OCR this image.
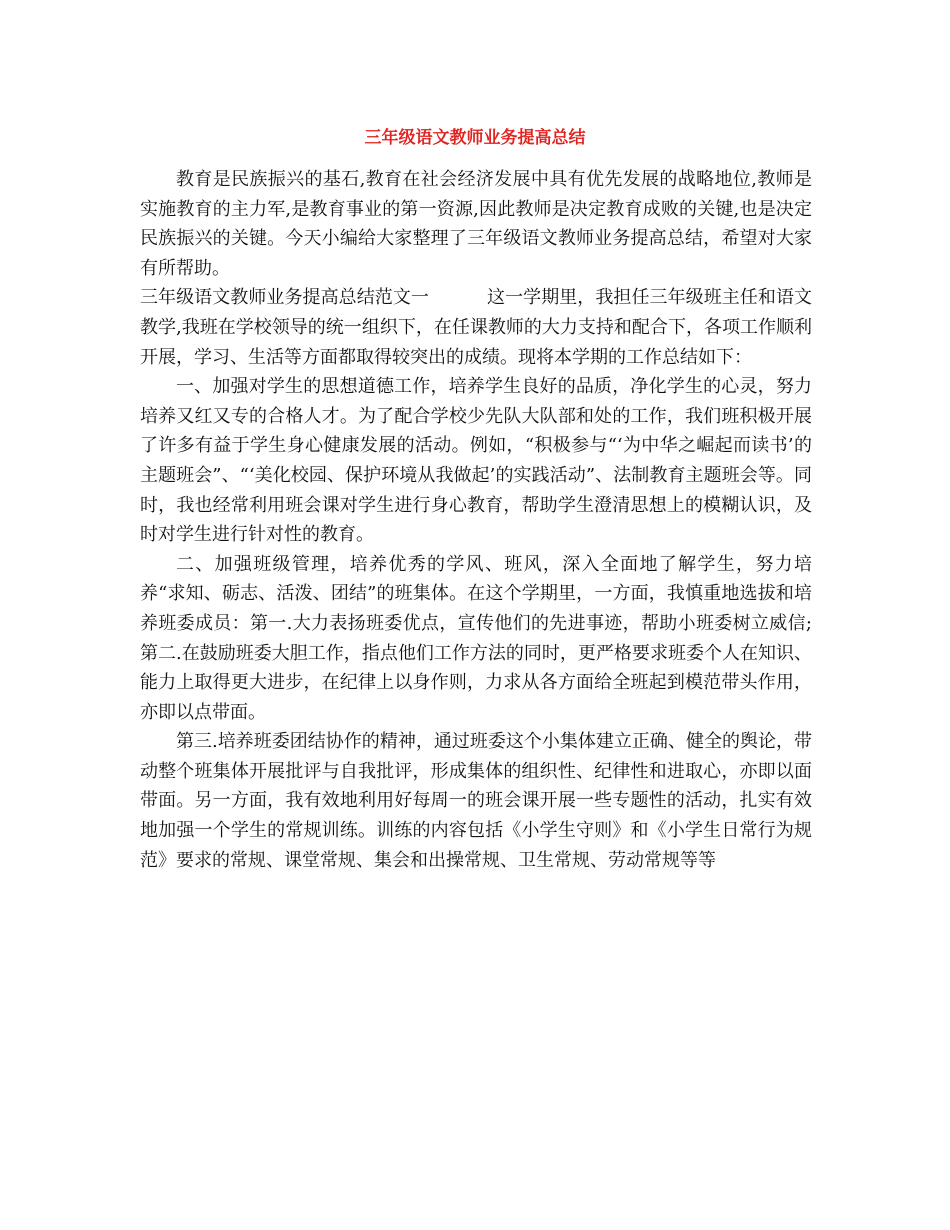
三年级语文教师业务提高总结

教育是民族振兴的基石,教育在社会经济发展中具有优先发展的战略地位,教师是实施教育的主力军,是教育事业的第一资源,因此教师是决定教育成败的关键,也是决定民族振兴的关键。今天小编给大家整理了三年级语文教师业务提高总结，希望对大家有所帮助。

三年级语文教师业务提高总结范文一	这一学期里，我担任三年级班主任和语文教学,我班在学校领导的统一组织下，在任课教师的大力支持和配合下，各项工作顺利开展，学习、生活等方面都取得较突出的成绩。现将本学期的工作总结如下：

一、加强对学生的思想道德工作，培养学生良好的品质，净化学生的心灵，努力培养又红又专的合格人才。为了配合学校少先队大队部和处的工作，我们班积极开展了许多有益于学生身心健康发展的活动。例如，“积极参与“‘为中华之崛起而读书’的主题班会”、“‘美化校园、保护环境从我做起’的实践活动”、法制教育主题班会等。同时，我也经常利用班会课对学生进行身心教育，帮助学生澄清思想上的模糊认识，及时对学生进行针对性的教育。

二、加强班级管理，培养优秀的学风、班风，深入全面地了解学生，努力培养“求知、砺志、活泼、团结”的班集体。在这个学期里，一方面，我慎重地选拔和培养班委成员：第一.大力表扬班委优点，宣传他们的先进事迹，帮助小班委树立威信;第二.在鼓励班委大胆工作，指点他们工作方法的同时，更严格要求班委个人在知识、能力上取得更大进步，在纪律上以身作则，力求从各方面给全班起到模范带头作用，亦即以点带面。

第三.培养班委团结协作的精神，通过班委这个小集体建立正确、健全的舆论，带动整个班集体开展批评与自我批评，形成集体的组织性、纪律性和进取心，亦即以面带面。另一方面，我有效地利用好每周一的班会课开展一些专题性的活动，扎实有效地加强一个学生的常规训练。训练的内容包括《小学生守则》和《小学生日常行为规范》要求的常规、课堂常规、集会和出操常规、卫生常规、劳动常规等等
